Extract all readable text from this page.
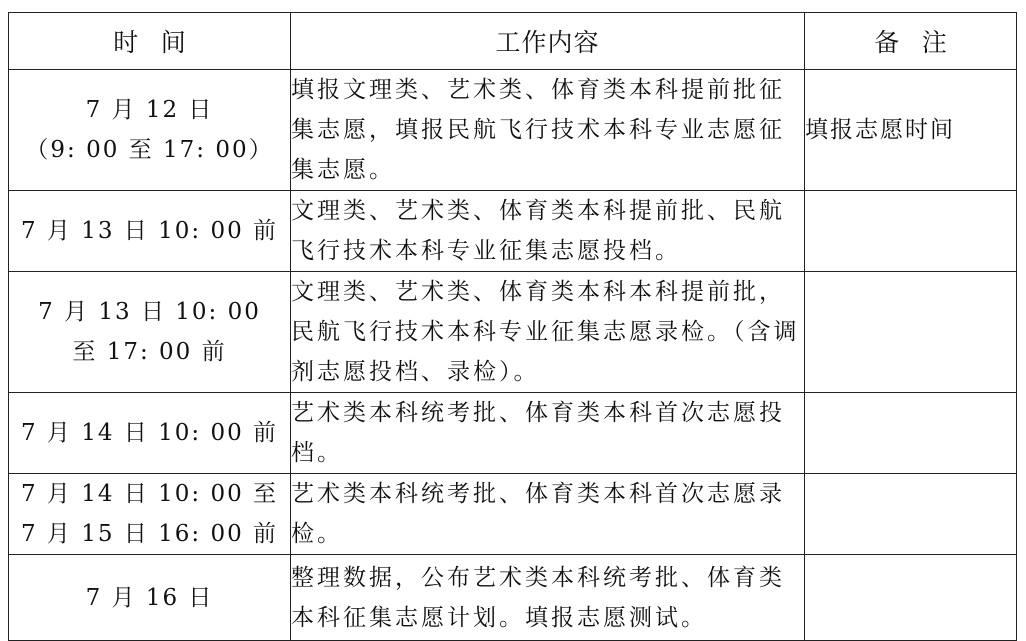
时间	工作内容	备注

7 月 12 日
（9: 00 至 17: 00）	填报文理类、艺术类、体育类本科提前批征集志愿，填报民航飞行技术本科专业志愿征集志愿。	填报志愿时间

7 月 13 日 10: 00 前	文理类、艺术类、体育类本科提前批、民航飞行技术本科专业征集志愿投档。	

7 月 13 日 10: 00
至 17: 00 前	文理类、艺术类、体育类本科本科提前批，民航飞行技术本科专业征集志愿录检。（含调剂志愿投档、录检）。	

7 月 14 日 10: 00 前	艺术类本科统考批、体育类本科首次志愿投档。	

7 月 14 日 10: 00 至
7 月 15 日 16: 00 前	艺术类本科统考批、体育类本科首次志愿录检。	

7 月 16 日	整理数据，公布艺术类本科统考批、体育类本科征集志愿计划。填报志愿测试。	
